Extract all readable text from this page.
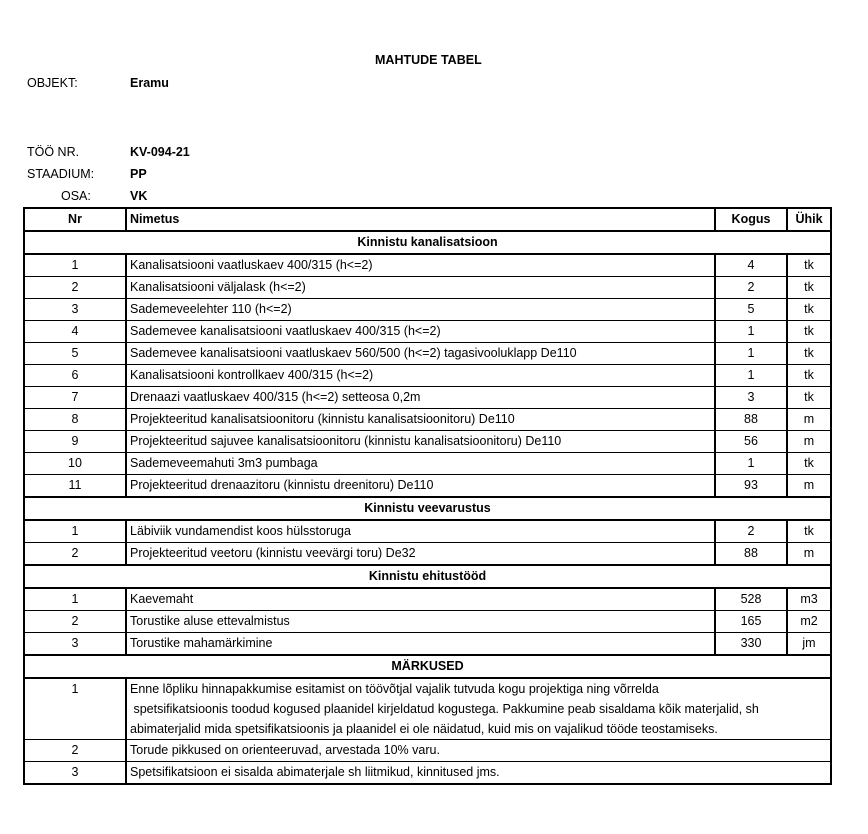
MAHTUDE TABEL
OBJEKT:	Eramu
TÖÖ NR.	KV-094-21
STAADIUM:	PP
OSA:	VK
Nr	Nimetus	Kogus	Ühik
Kinnistu kanalisatsioon			
1	Kanalisatsiooni vaatluskaev 400/315 (h<=2)	4	tk
2	Kanalisatsiooni väljalask (h<=2)	2	tk
3	Sademeveelehter 110 (h<=2)	5	tk
4	Sademevee kanalisatsiooni vaatluskaev 400/315 (h<=2)	1	tk
5	Sademevee kanalisatsiooni vaatluskaev 560/500 (h<=2) tagasivooluklapp De110	1	tk
6	Kanalisatsiooni kontrollkaev 400/315 (h<=2)	1	tk
7	Drenaazi vaatluskaev 400/315 (h<=2) setteosa 0,2m	3	tk
8	Projekteeritud kanalisatsioonitoru (kinnistu kanalisatsioonitoru) De110	88	m
9	Projekteeritud sajuvee kanalisatsioonitoru (kinnistu kanalisatsioonitoru) De110	56	m
10	Sademeveemahuti 3m3 pumbaga	1	tk
11	Projekteeritud drenaazitoru (kinnistu dreenitoru) De110	93	m
Kinnistu veevarustus			
1	Läbiviik vundamendist koos hülsstoruga	2	tk
2	Projekteeritud veetoru (kinnistu veevärgi toru) De32	88	m
Kinnistu ehitustööd			
1	Kaevemaht	528	m3
2	Torustike aluse ettevalmistus	165	m2
3	Torustike mahamärkimine	330	jm
MÄRKUSED			
1	Enne lõpliku hinnapakkumise esitamist on töövõtjal vajalik tutvuda kogu projektiga ning võrrelda
spetsifikatsioonis toodud kogused plaanidel kirjeldatud kogustega. Pakkumine peab sisaldama kõik materjalid, sh
abimaterjalid mida spetsifikatsioonis ja plaanidel ei ole näidatud, kuid mis on vajalikud tööde teostamiseks.		

2	Torude pikkused on orienteeruvad, arvestada 10% varu.		

3	Spetsifikatsioon ei sisalda abimaterjale sh liitmikud, kinnitused jms.		
